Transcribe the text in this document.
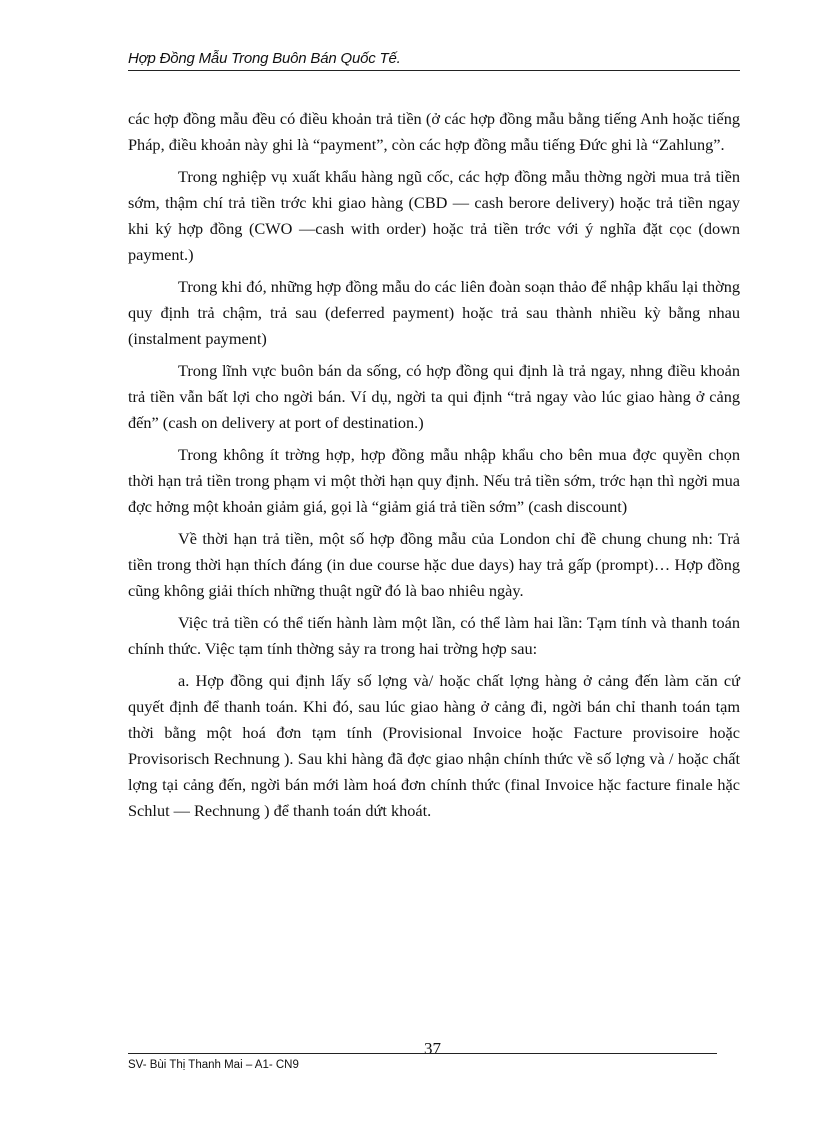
Hợp Đồng Mẫu Trong Buôn Bán Quốc Tế.

các hợp đồng mẫu đều có điều khoản trả tiền (ở các hợp đồng mẫu bằng tiếng Anh hoặc tiếng Pháp, điều khoản này ghi là “payment”, còn các hợp đồng mẫu tiếng Đức ghi là “Zahlung”.

Trong nghiệp vụ xuất khẩu hàng ngũ cốc, các hợp đồng mẫu thờng ngời mua trả tiền sớm, thậm chí trả tiền trớc khi giao hàng (CBD — cash berore delivery) hoặc trả tiền ngay khi ký hợp đồng (CWO —cash with order) hoặc trả tiền trớc với ý nghĩa đặt cọc (down payment.)

Trong khi đó, những hợp đồng mẫu do các liên đoàn soạn thảo để nhập khẩu lại thờng quy định trả chậm, trả sau (deferred payment) hoặc trả sau thành nhiều kỳ bằng nhau (instalment payment)

Trong lĩnh vực buôn bán da sống, có hợp đồng qui định là trả ngay, nhng điều khoản trả tiền vẫn bất lợi cho ngời bán. Ví dụ, ngời ta qui định “trả ngay vào lúc giao hàng ở cảng đến” (cash on delivery at port of destination.)

Trong không ít trờng hợp, hợp đồng mẫu nhập khẩu cho bên mua đợc quyền chọn thời hạn trả tiền trong phạm vi một thời hạn quy định. Nếu trả tiền sớm, trớc hạn thì ngời mua đợc hởng một khoản giảm giá, gọi là “giảm giá trả tiền sớm” (cash discount)

Về thời hạn trả tiền, một số hợp đồng mẫu của London chỉ đề chung chung nh: Trả tiền trong thời hạn thích đáng (in due course hặc due days) hay trả gấp (prompt)… Hợp đồng cũng không giải thích những thuật ngữ đó là bao nhiêu ngày.

Việc trả tiền có thể tiến hành làm một lần, có thể làm hai lần: Tạm tính và thanh toán chính thức. Việc tạm tính thờng sảy ra trong hai trờng hợp sau:

a. Hợp đồng qui định lấy số lợng và/ hoặc chất lợng hàng ở cảng đến làm căn cứ quyết định để thanh toán. Khi đó, sau lúc giao hàng ở cảng đi, ngời bán chỉ thanh toán tạm thời bằng một hoá đơn tạm tính (Provisional Invoice hoặc Facture provisoire hoặc Provisorisch Rechnung ). Sau khi hàng đã đợc giao nhận chính thức về số lợng và / hoặc chất lợng tại cảng đến, ngời bán mới làm hoá đơn chính thức (final Invoice hặc facture finale hặc Schlut — Rechnung ) để thanh toán dứt khoát.

37
SV- Bùi Thị Thanh Mai – A1- CN9
